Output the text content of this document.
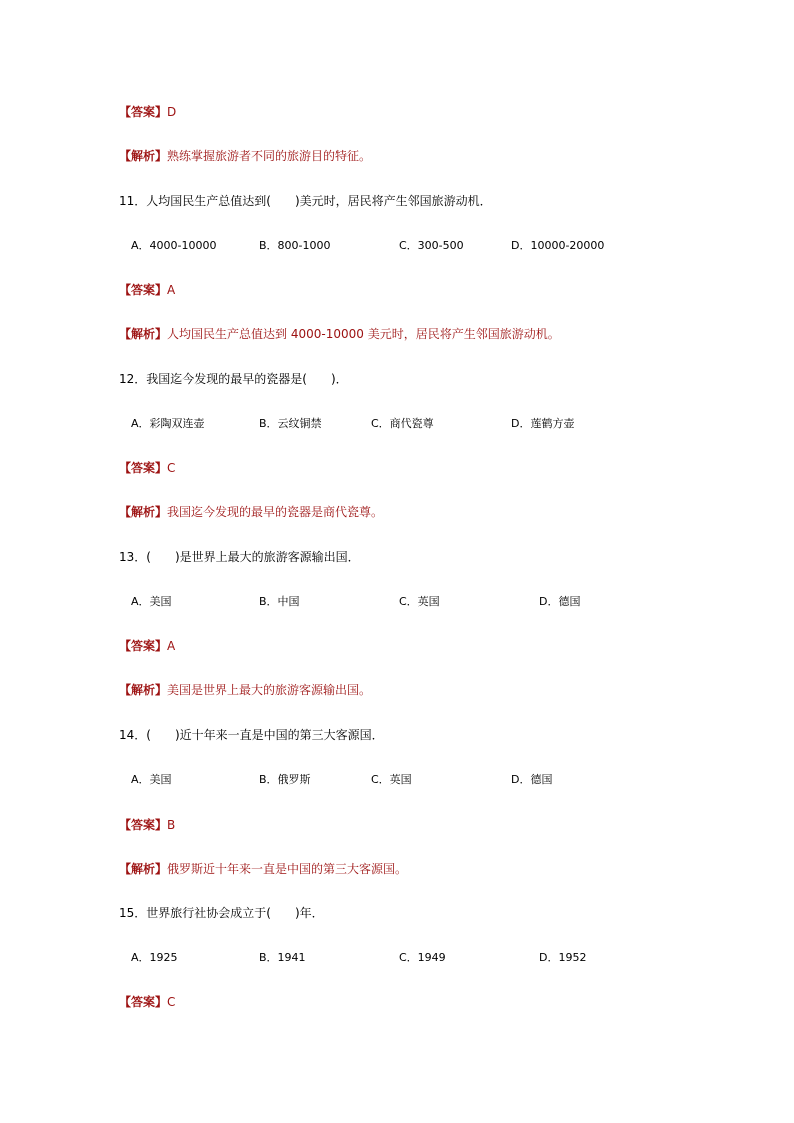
【答案】D
【解析】熟练掌握旅游者不同的旅游目的特征。
11．人均国民生产总值达到(　　)美元时，居民将产生邻国旅游动机．
A．4000-10000	B．800-1000	C．300-500	D．10000-20000
【答案】A
【解析】人均国民生产总值达到 4000-10000 美元时，居民将产生邻国旅游动机。
12．我国迄今发现的最早的瓷器是(　　)．
A．彩陶双连壶	B．云纹铜禁	C．商代瓷尊	D．莲鹤方壶
【答案】C
【解析】我国迄今发现的最早的瓷器是商代瓷尊。
13．(　　)是世界上最大的旅游客源输出国．
A．美国	B．中国	C．英国	D．德国
【答案】A
【解析】美国是世界上最大的旅游客源输出国。
14．(　　)近十年来一直是中国的第三大客源国．
A．美国	B．俄罗斯	C．英国	D．德国
【答案】B
【解析】俄罗斯近十年来一直是中国的第三大客源国。
15．世界旅行社协会成立于(　　)年．
A．1925	B．1941	C．1949	D．1952
【答案】C
